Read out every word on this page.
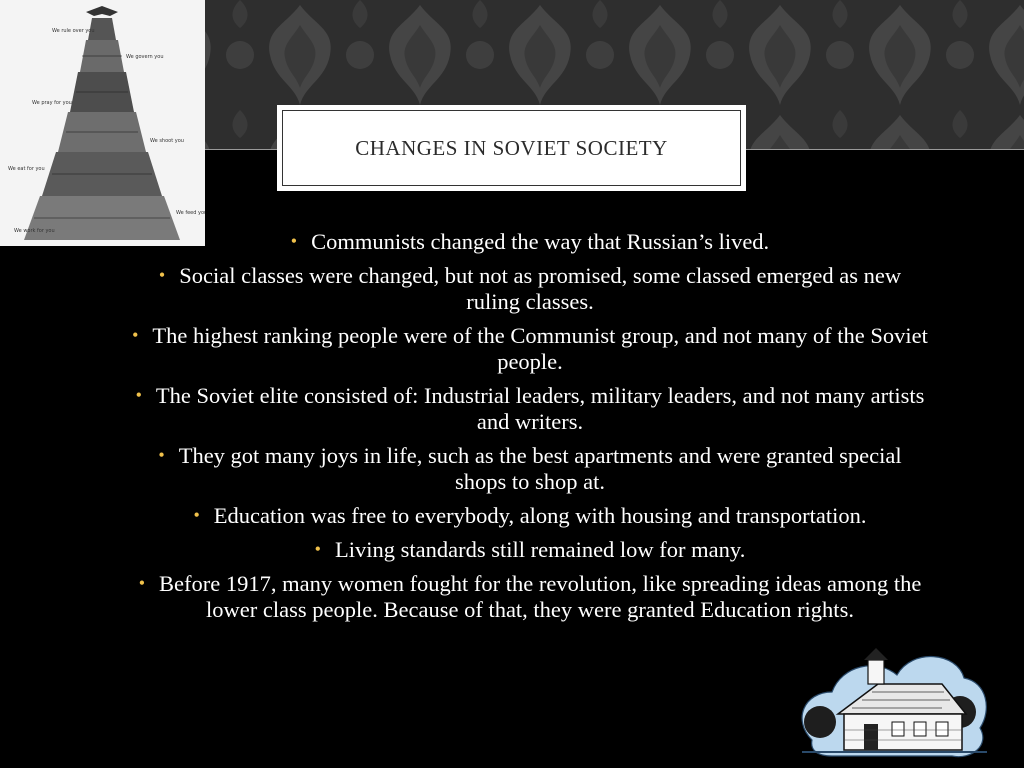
We rule over you
We govern you
We pray for you
We shoot you
We eat for you
We feed you
We work for you
CHANGES IN SOVIET SOCIETY
• Communists changed the way that Russian’s lived.
• Social classes were changed, but not as promised, some classed emerged as new ruling classes.
• The highest ranking people were of the Communist group, and not many of the Soviet people.
• The Soviet elite consisted of: Industrial leaders, military leaders, and not many artists and writers.
• They got many joys in life, such as the best apartments and were granted special shops to shop at.
• Education was free to everybody, along with housing and transportation.
• Living standards still remained low for many.
• Before 1917, many women fought for the revolution, like spreading ideas among the lower class people. Because of that, they were granted Education rights.
